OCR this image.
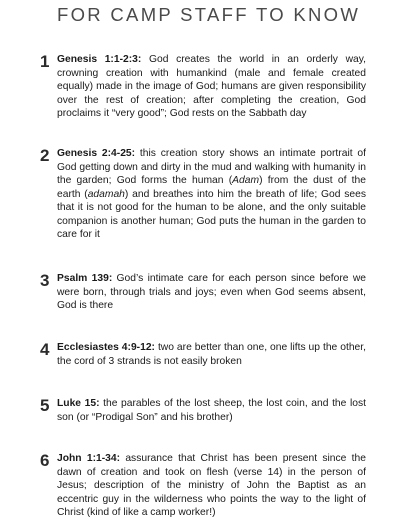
FOR CAMP STAFF TO KNOW
1 Genesis 1:1-2:3: God creates the world in an orderly way, crowning creation with humankind (male and female created equally) made in the image of God; humans are given responsibility over the rest of creation; after completing the creation, God proclaims it “very good”; God rests on the Sabbath day
2 Genesis 2:4-25: this creation story shows an intimate portrait of God getting down and dirty in the mud and walking with humanity in the garden; God forms the human (Adam) from the dust of the earth (adamah) and breathes into him the breath of life; God sees that it is not good for the human to be alone, and the only suitable companion is another human; God puts the human in the garden to care for it
3 Psalm 139: God’s intimate care for each person since before we were born, through trials and joys; even when God seems absent, God is there
4 Ecclesiastes 4:9-12: two are better than one, one lifts up the other, the cord of 3 strands is not easily broken
5 Luke 15: the parables of the lost sheep, the lost coin, and the lost son (or “Prodigal Son” and his brother)
6 John 1:1-34: assurance that Christ has been present since the dawn of creation and took on flesh (verse 14) in the person of Jesus; description of the ministry of John the Baptist as an eccentric guy in the wilderness who points the way to the light of Christ (kind of like a camp worker!)
